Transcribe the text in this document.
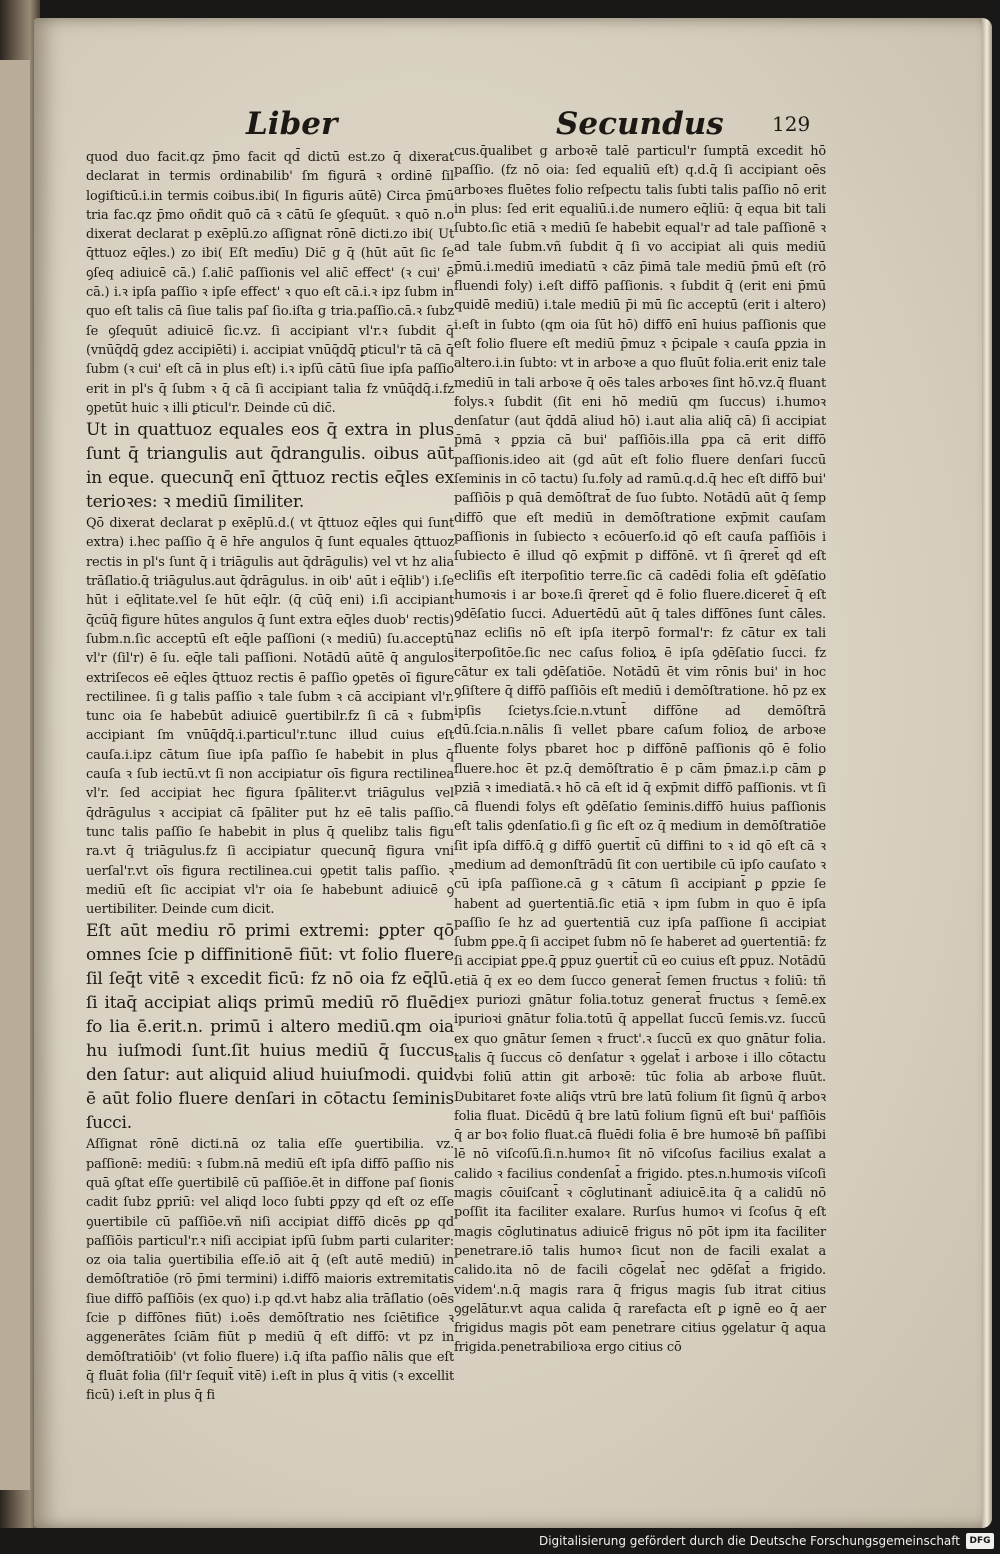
Liber	Secundus 129

quod duo facit.qz p̄mo facit qd̄ dictū est.zo q̄ dixerat declarat in termis ordinabilib' ſm figurā ꝛ ordinē ſil logiſticū.i.in termis coibus.ibi( In figuris aūtē) Circa p̄mū tria fac.qz p̄mo oñdit quō cā ꝛ cātū ſe ꝯſequūt. ꝛ quō n.o dixerat declarat p exēplū.zo aſſignat rōnē dicti.zo ibi( Ut q̄ttuoz eq̄les.) zo ibi( Eſt medīu) Dic̄ g q̄ (hūt aūt ſic ſe ꝯſeq adiuicē cā.) ſ.alic̄ paſſionis vel alic̄ effect' (ꝛ cui' ē cā.) i.ꝛ ipſa paſſio ꝛ ipſe effect' ꝛ quo eſt cā.i.ꝛ ipz ſubm in quo eſt talis cā ſiue talis paſ ſio.iſta g tria.paſſio.cā.ꝛ ſubz ſe ꝯſequūt adiuicē ſic.vz. ſi accipiant vl'r.ꝛ ſubdit q̄ (vnūq̄dq̄ gdez accipiēti) i. accipiat vnūq̄dq̄ ꝑticul'r tā cā q̄ ſubm (ꝛ cui' eſt cā in plus eſt) i.ꝛ ipſū cātū ſiue ipſa paſſio erit in pl's q̄ ſubm ꝛ q̄ cā ſi accipiant talia fz vnūq̄dq̄.i.fz ꝯpetūt huic ꝛ illi ꝑticul'r. Deinde cū dic̄.

Ut in quattuoz equales eos q̄ extra in plus ſunt q̄ triangulis aut q̄drangulis. oibus aūt in eque. quecunq̄ enī q̄ttuoz rectis eq̄les ex terioꝛes: ꝛ mediū ſimiliter.

Qō dixerat declarat p exēplū.d.( vt q̄ttuoz eq̄les qui ſunt extra) i.hec paſſio q̄ ē hr̄e angulos q̄ ſunt equales q̄ttuoz rectis in pl's ſunt q̄ i triāgulis aut q̄drāgulis) vel vt hz alia trāſlatio.q̄ triāgulus.aut q̄drāgulus. in oib' aūt i eq̄lib') i.ſe hūt i eq̄litate.vel ſe hūt eq̄lr. (q̄ cūq̄ eni) i.ſi accipiant q̄cūq̄ figure hūtes angulos q̄ ſunt extra eq̄les duob' rectis) ſubm.n.ſic acceptū eſt eq̄le paſſioni (ꝛ mediū) ſu.acceptū vl'r (ſil'r) ē ſu. eq̄le tali paſſioni. Notādū aūtē q̄ angulos extriſecos eē eq̄les q̄ttuoz rectis ē paſſio ꝯpetēs oī figure rectilinee. ſi g talis paſſio ꝛ tale ſubm ꝛ cā accipiant vl'r. tunc oia ſe habebūt adiuicē ꝯuertibilr.fz ſi cā ꝛ ſubm accipiant ſm vnūq̄dq̄.i.particul'r.tunc illud cuius eſt cauſa.i.ipz cātum ſiue ipſa paſſio ſe habebit in plus q̄ cauſa ꝛ ſub iectū.vt ſi non accipiatur oīs figura rectilinea vl'r. ſed accipiat hec figura ſpāliter.vt triāgulus vel q̄drāgulus ꝛ accipiat cā ſpāliter put hz eē talis paſſio. tunc talis paſſio ſe habebit in plus q̄ quelibz talis figu ra.vt q̄ triāgulus.fz ſi accipiatur quecunq̄ figura vni uerſal'r.vt oīs figura rectilinea.cui ꝯpetit talis paſſio. ꝛ mediū eſt ſic accipiat vl'r oia ſe habebunt adiuicē ꝯ uertibiliter. Deinde cum dicit.

Eſt aūt mediu rō primi extremi: ꝑpter qō omnes ſcie p diffinitionē fiūt: vt folio fluere ſil ſeq̄t vitē ꝛ excedit ficū: fz nō oia fz eq̄lū. ſi itaq̄ accipiat aliqs primū mediū rō fluēdi fo lia ē.erit.n. primū i altero mediū.qm oia hu iuſmodi ſunt.ſit huius mediū q̄ ſuccus den ſatur: aut aliquid aliud huiuſmodi. quid ē aūt folio fluere denſari in cōtactu ſeminis ſucci.

Aſſignat rōnē dicti.nā oz talia eſſe ꝯuertibilia. vz. paſſionē: mediū: ꝛ ſubm.nā mediū eſt ipſa diffō paſſio nis quā ꝯſtat eſſe ꝯuertibilē cū paſſiōe.ēt in diffone paſ ſionis cadit ſubz ꝑpriū: vel aliqd loco ſubti ꝑpzy qd eſt oz eſſe ꝯuertibile cū paſſiōe.vñ niſi accipiat diffō dicēs ꝑꝑ qd paſſiōis particul'r.ꝛ niſi accipiat ipſū ſubm parti culariter: oz oia talia ꝯuertibilia eſſe.iō ait q̄ (eſt autē mediū) in demōſtratiōe (rō p̄mi termini) i.diffō maioris extremitatis ſiue diffō paſſiōis (ex quo) i.p qd.vt habz alia trāſlatio (oēs ſcie p diffōnes fiūt) i.oēs demōſtratio nes ſciētifice ꝛ aggenerātes ſciām fiūt p mediū q̄ eſt diffō: vt pz in demōſtratiōib' (vt folio fluere) i.q̄ iſta paſſio nālis que eſt q̄ fluāt folia (ſil'r ſequit̄ vitē) i.eſt in plus q̄ vitis (ꝛ excellit ficū) i.eſt in plus q̄ fi

cus.q̄ualibet g arboꝛē talē particul'r ſumptā excedit hō paſſio. (fz nō oia: ſed equaliū eſt) q.d.q̄ ſi accipiant oēs arboꝛes fluētes folio reſpectu talis ſubti talis paſſio nō erit in plus: ſed erit equaliū.i.de numero eq̄liū: q̄ equa bit tali ſubto.ſic etiā ꝛ mediū ſe habebit equal'r ad tale paſſionē ꝛ ad tale ſubm.vñ ſubdit q̄ ſi vo accipiat ali quis mediū p̄mū.i.mediū imediatū ꝛ cāz p̄imā tale mediū p̄mū eſt (rō fluendi foly) i.eſt diffō paſſionis. ꝛ ſubdit q̄ (erit eni p̄mū quidē mediū) i.tale mediū p̄i mū ſic acceptū (erit i altero) i.eſt in ſubto (qm oia ſūt hō) diffō enī huius paſſionis que eſt folio fluere eſt mediū p̄muz ꝛ p̄cipale ꝛ cauſa ꝑpzia in altero.i.in ſubto: vt in arboꝛe a quo fluūt folia.erit eniz tale mediū in tali arboꝛe q̄ oēs tales arboꝛes ſint hō.vz.q̄ fluant folys.ꝛ ſubdit (ſit eni hō mediū qm ſuccus) i.humoꝛ denſatur (aut q̄ddā aliud hō) i.aut alia aliq̄ cā) ſi accipiat p̄mā ꝛ ꝑpzia cā bui' paſſiōis.illa ꝑpa cā erit diffō paſſionis.ideo ait (gd aūt eſt folio fluere denſari ſuccū ſeminis in cō tactu) ſu.foly ad ramū.q.d.q̄ hec eſt diffō bui' paſſiōis p quā demōſtrat̄ de ſuo ſubto. Notādū aūt q̄ ſemp diffō que eſt mediū in demōſtratione exp̄mit cauſam paſſionis in ſubiecto ꝛ ecōuerſo.id qō eſt cauſa paſſiōis i ſubiecto ē illud qō exp̄mit p diffōnē. vt ſi q̄reret̄ qd eſt ecliſis eſt iterpoſitio terre.ſic cā cadēdi folia eſt ꝯdēſatio humoꝛis i ar boꝛe.ſi q̄reret̄ qd ē folio fluere.diceret̄ q̄ eſt ꝯdēſatio ſucci. Aduertēdū aūt q̄ tales diffōnes ſunt cāles. naz ecliſis nō eſt ipſa iterpō formal'r: fz cātur ex tali iterpoſitōe.ſic nec caſus folioꝝ ē ipſa ꝯdēſatio ſucci. fz cātur ex tali ꝯdēſatiōe. Notādū ēt vim rōnis bui' in hoc ꝯſiſtere q̄ diffō paſſiōis eſt mediū i demōſtratione. hō pz ex ipſis ſcietys.ſcie.n.vtunt̄ diffōne ad demōſtrā dū.ſcia.n.nālis ſi vellet pbare caſum folioꝝ de arboꝛe fluente folys pbaret hoc p diffōnē paſſionis qō ē folio fluere.hoc ēt pz.q̄ demōſtratio ē p cām p̄maz.i.p cām ꝑ pziā ꝛ imediatā.ꝛ hō cā eſt id q̄ exp̄mit diffō paſſionis. vt ſi cā fluendi folys eſt ꝯdēſatio ſeminis.diffō huius paſſionis eſt talis ꝯdenſatio.ſi g ſic eſt oz q̄ medium in demōſtratiōe ſit ipſa diffō.q̄ g diffō ꝯuertit̄ cū diffini to ꝛ id qō eſt cā ꝛ medium ad demonſtrādū ſit con uertibile cū ipſo cauſato ꝛ cū ipſa paſſione.cā g ꝛ cātum ſi accipiant̄ ꝑ ꝑpzie ſe habent ad ꝯuertentiā.ſic etiā ꝛ ipm ſubm in quo ē ipſa paſſio ſe hz ad ꝯuertentiā cuz ipſa paſſione ſi accipiat ſubm ꝑpe.q̄ ſi accipet ſubm nō ſe haberet ad ꝯuertentiā: fz ſi accipiat ꝑpe.q̄ ꝑpuz ꝯuertit̄ cū eo cuius eſt ꝑpuz. Notādū etiā q̄ ex eo dem ſucco generat̄ ſemen fructus ꝛ foliū: tñ ex puriozi gnātur folia.totuz generat̄ fructus ꝛ ſemē.ex ipurioꝛi gnātur folia.totū q̄ appellat ſuccū ſemis.vz. ſuccū ex quo gnātur ſemen ꝛ fruct'.ꝛ ſuccū ex quo gnātur folia. talis q̄ ſuccus cō denſatur ꝛ ꝯgelat̄ i arboꝛe i illo cōtactu vbi foliū attin git arboꝛē: tūc folia ab arboꝛe fluūt. Dubitaret foꝛte aliq̄s vtrū bre latū folium ſit ſignū q̄ arboꝛ folia fluat. Dicēdū q̄ bre latū folium ſignū eſt bui' paſſiōis q̄ ar boꝛ folio fluat.cā fluēdi folia ē bre humoꝛē bñ paſſibi lē nō viſcoſū.ſi.n.humoꝛ ſit nō viſcoſus facilius exalat a calido ꝛ facilius condenſat̄ a frigido. ptes.n.humoꝛis viſcoſi magis cōuiſcant̄ ꝛ cōglutinant̄ adiuicē.ita q̄ a calidū nō poſſit ita faciliter exalare. Rurſus humoꝛ vi ſcoſus q̄ eſt magis cōglutinatus adiuicē frigus nō pōt ipm ita faciliter penetrare.iō talis humoꝛ ſicut non de facili exalat a calido.ita nō de facili cōgelat̄ nec ꝯdēſat̄ a frigido. videm'.n.q̄ magis rara q̄ frigus magis ſub itrat citius ꝯgelātur.vt aqua calida q̄ rarefacta eſt ꝑ ignē eo q̄ aer frigidus magis pōt eam penetrare citius ꝯgelatur q̄ aqua frigida.penetrabilioꝛa ergo citius cō

Digitalisierung gefördert durch die Deutsche Forschungsgemeinschaft	DFG
